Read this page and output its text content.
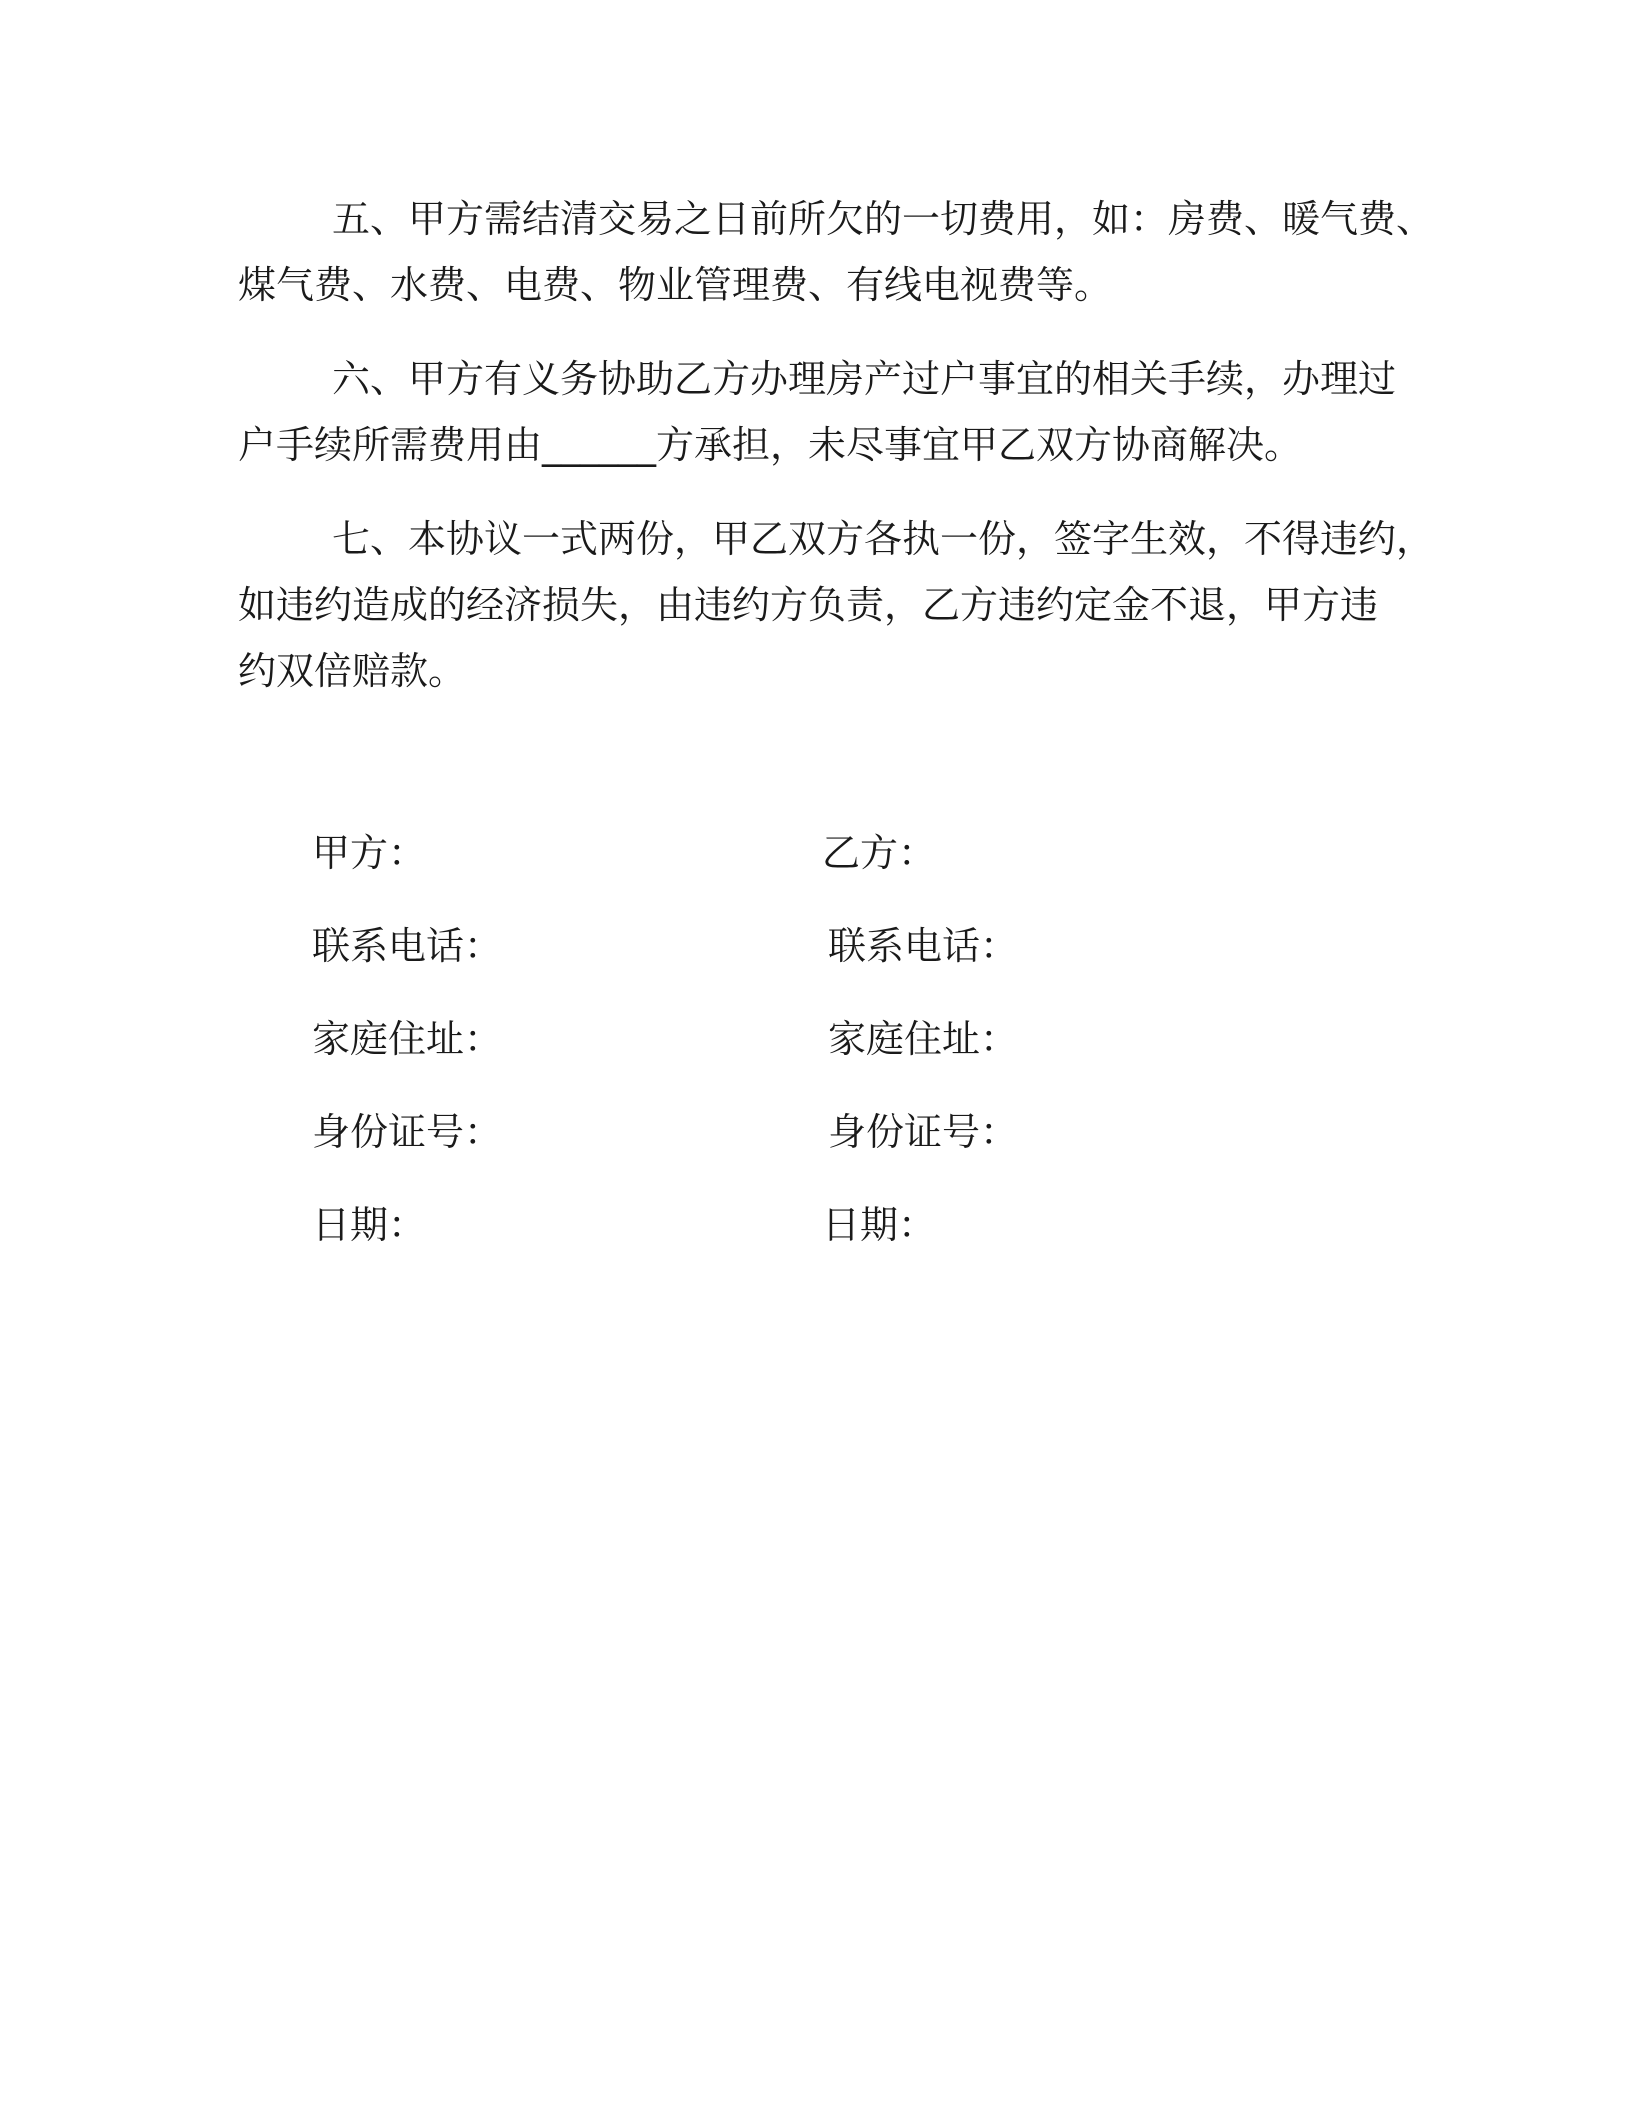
五、甲方需结清交易之日前所欠的一切费用，如：房费、暖气费、
煤气费、水费、电费、物业管理费、有线电视费等。

六、甲方有义务协助乙方办理房产过户事宜的相关手续，办理过
户手续所需费用由______方承担，未尽事宜甲乙双方协商解决。

七、本协议一式两份，甲乙双方各执一份，签字生效，不得违约，
如违约造成的经济损失，由违约方负责，乙方违约定金不退，甲方违
约双倍赔款。

甲方：
联系电话：
家庭住址：
身份证号：
日期：
乙方：
联系电话：
家庭住址：
身份证号：
日期：
